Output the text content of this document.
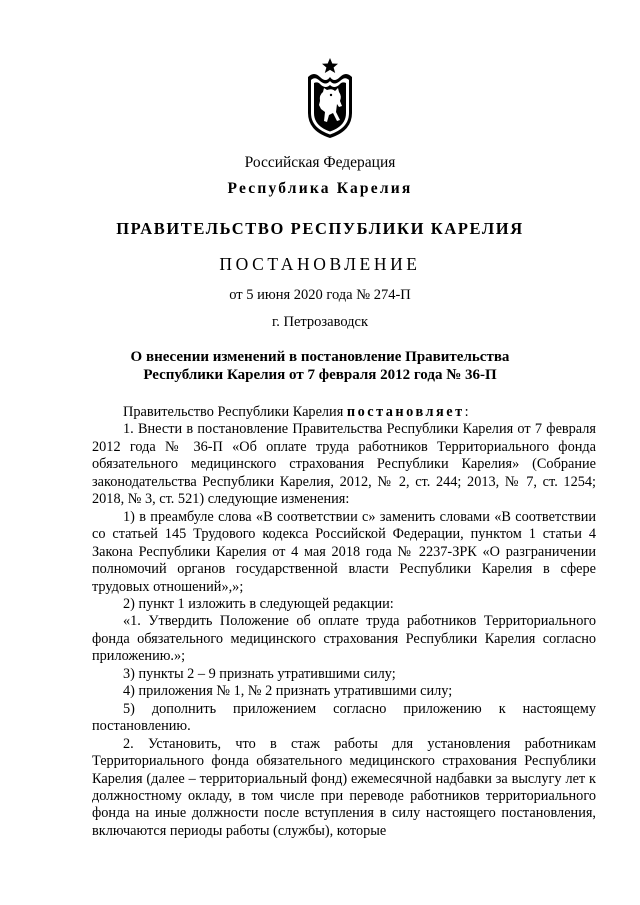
Российская Федерация
Республика Карелия
ПРАВИТЕЛЬСТВО РЕСПУБЛИКИ КАРЕЛИЯ
ПОСТАНОВЛЕНИЕ
от 5 июня 2020 года № 274-П
г. Петрозаводск
О внесении изменений в постановление Правительства
Республики Карелия от 7 февраля 2012 года № 36-П
Правительство Республики Карелия постановляет:
1. Внести в постановление Правительства Республики Карелия от 7 февраля 2012 года № 36-П «Об оплате труда работников Территориального фонда обязательного медицинского страхования Республики Карелия» (Собрание законодательства Республики Карелия, 2012, № 2, ст. 244; 2013, № 7, ст. 1254; 2018, № 3, ст. 521) следующие изменения:
1) в преамбуле слова «В соответствии с» заменить словами «В соответствии со статьей 145 Трудового кодекса Российской Федерации, пунктом 1 статьи 4 Закона Республики Карелия от 4 мая 2018 года № 2237-ЗРК «О разграничении полномочий органов государственной власти Республики Карелия в сфере трудовых отношений»,»;
2) пункт 1 изложить в следующей редакции:
«1. Утвердить Положение об оплате труда работников Территориального фонда обязательного медицинского страхования Республики Карелия согласно приложению.»;
3) пункты 2 – 9 признать утратившими силу;
4) приложения № 1, № 2 признать утратившими силу;
5) дополнить приложением согласно приложению к настоящему постановлению.
2. Установить, что в стаж работы для установления работникам Территориального фонда обязательного медицинского страхования Республики Карелия (далее – территориальный фонд) ежемесячной надбавки за выслугу лет к должностному окладу, в том числе при переводе работников территориального фонда на иные должности после вступления в силу настоящего постановления, включаются периоды работы (службы), которые
